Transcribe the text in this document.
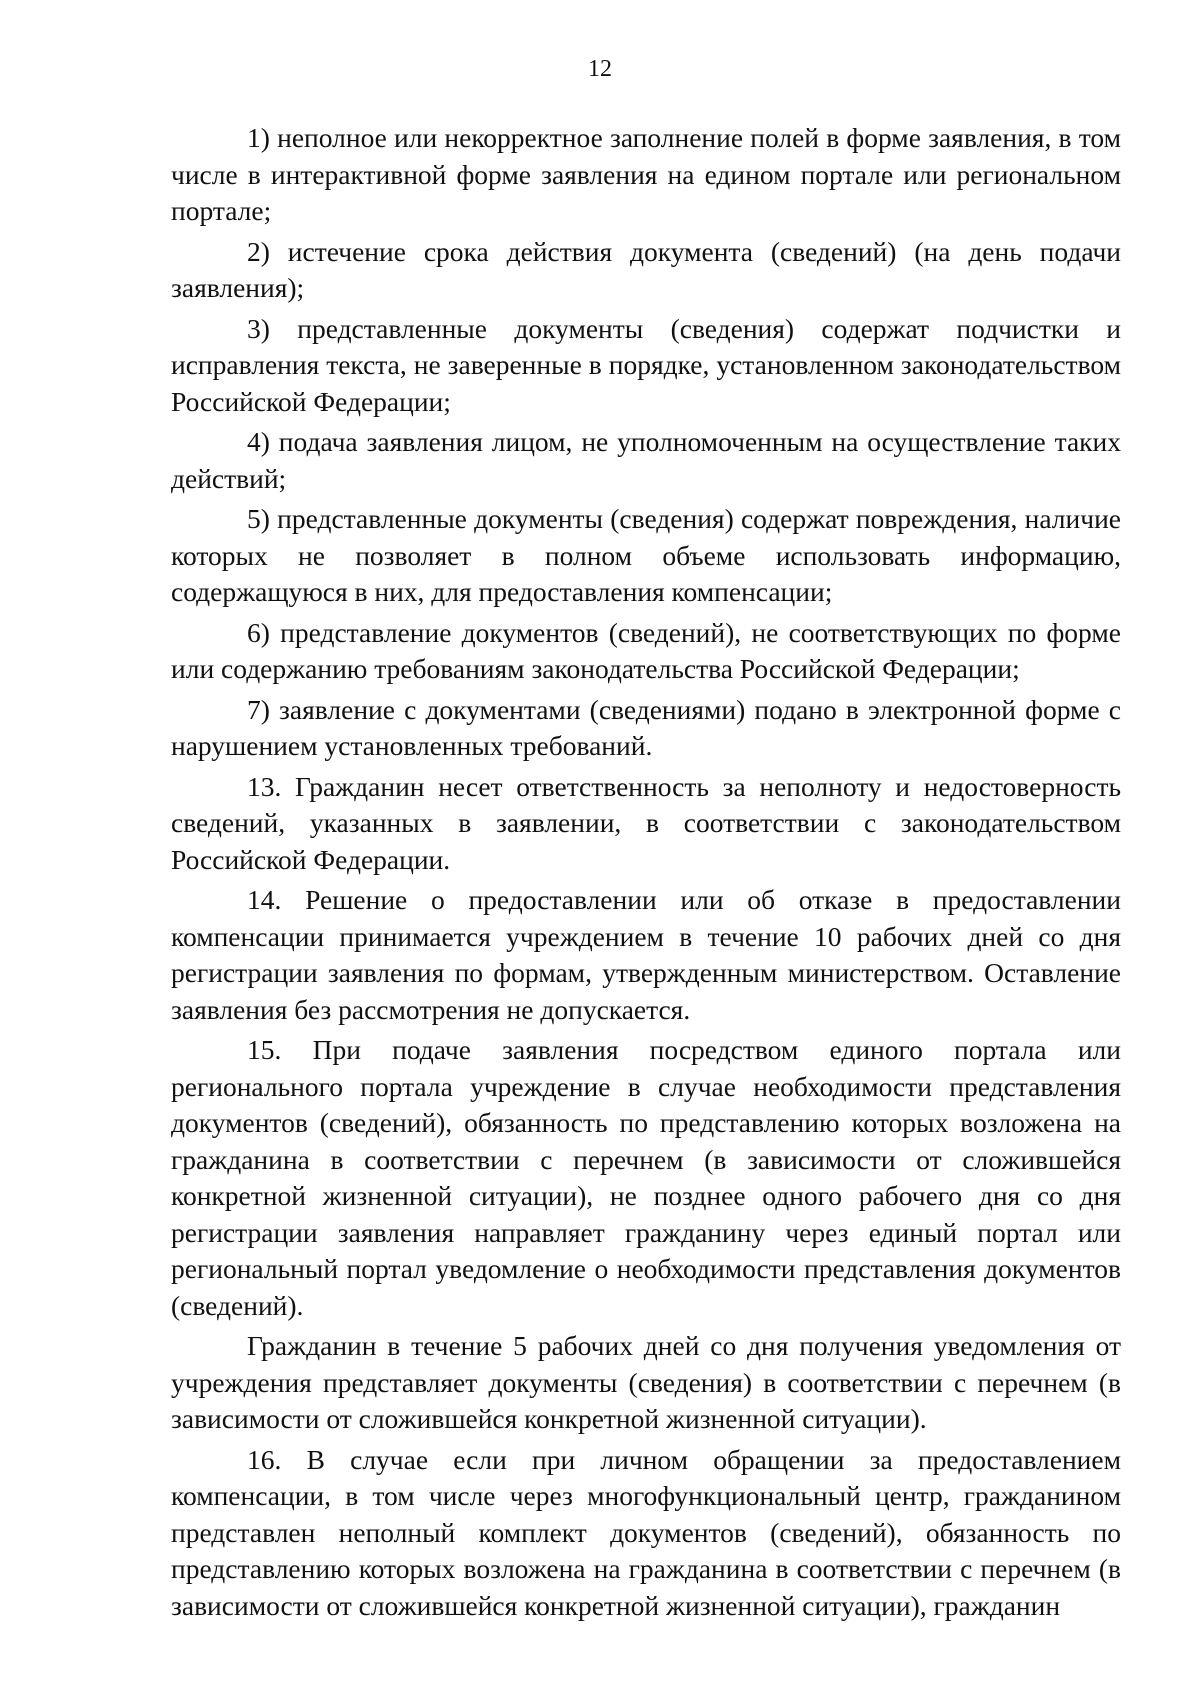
12

1) неполное или некорректное заполнение полей в форме заявления, в том числе в интерактивной форме заявления на едином портале или региональном портале;

2) истечение срока действия документа (сведений) (на день подачи заявления);

3) представленные документы (сведения) содержат подчистки и исправления текста, не заверенные в порядке, установленном законодательством Российской Федерации;

4) подача заявления лицом, не уполномоченным на осуществление таких действий;

5) представленные документы (сведения) содержат повреждения, наличие которых не позволяет в полном объеме использовать информацию, содержащуюся в них, для предоставления компенсации;

6) представление документов (сведений), не соответствующих по форме или содержанию требованиям законодательства Российской Федерации;

7) заявление с документами (сведениями) подано в электронной форме с нарушением установленных требований.

13. Гражданин несет ответственность за неполноту и недостоверность сведений, указанных в заявлении, в соответствии с законодательством Российской Федерации.

14. Решение о предоставлении или об отказе в предоставлении компенсации принимается учреждением в течение 10 рабочих дней со дня регистрации заявления по формам, утвержденным министерством. Оставление заявления без рассмотрения не допускается.

15. При подаче заявления посредством единого портала или регионального портала учреждение в случае необходимости представления документов (сведений), обязанность по представлению которых возложена на гражданина в соответствии с перечнем (в зависимости от сложившейся конкретной жизненной ситуации), не позднее одного рабочего дня со дня регистрации заявления направляет гражданину через единый портал или региональный портал уведомление о необходимости представления документов (сведений).

Гражданин в течение 5 рабочих дней со дня получения уведомления от учреждения представляет документы (сведения) в соответствии с перечнем (в зависимости от сложившейся конкретной жизненной ситуации).

16. В случае если при личном обращении за предоставлением компенсации, в том числе через многофункциональный центр, гражданином представлен неполный комплект документов (сведений), обязанность по представлению которых возложена на гражданина в соответствии с перечнем (в зависимости от сложившейся конкретной жизненной ситуации), гражданин
